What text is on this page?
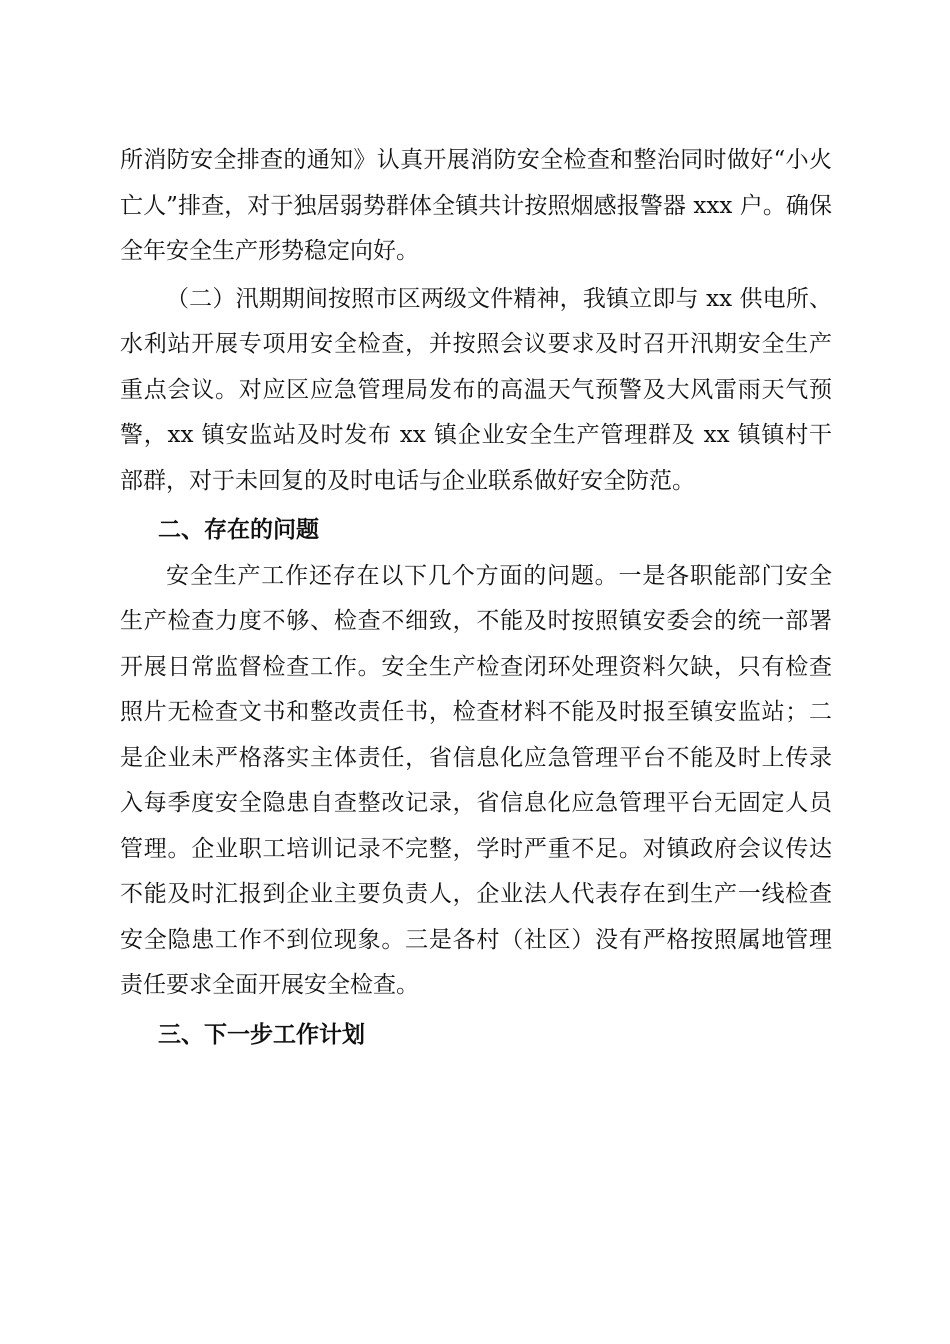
所消防安全排查的通知》认真开展消防安全检查和整治同时做好“小火亡人”排查，对于独居弱势群体全镇共计按照烟感报警器 xxx 户。确保全年安全生产形势稳定向好。

（二）汛期期间按照市区两级文件精神，我镇立即与 xx 供电所、水利站开展专项用安全检查，并按照会议要求及时召开汛期安全生产重点会议。对应区应急管理局发布的高温天气预警及大风雷雨天气预警，xx 镇安监站及时发布 xx 镇企业安全生产管理群及 xx 镇镇村干部群，对于未回复的及时电话与企业联系做好安全防范。

二、存在的问题

安全生产工作还存在以下几个方面的问题。一是各职能部门安全生产检查力度不够、检查不细致，不能及时按照镇安委会的统一部署开展日常监督检查工作。安全生产检查闭环处理资料欠缺，只有检查照片无检查文书和整改责任书，检查材料不能及时报至镇安监站；二是企业未严格落实主体责任，省信息化应急管理平台不能及时上传录入每季度安全隐患自查整改记录，省信息化应急管理平台无固定人员管理。企业职工培训记录不完整，学时严重不足。对镇政府会议传达不能及时汇报到企业主要负责人，企业法人代表存在到生产一线检查安全隐患工作不到位现象。三是各村（社区）没有严格按照属地管理责任要求全面开展安全检查。

三、下一步工作计划
